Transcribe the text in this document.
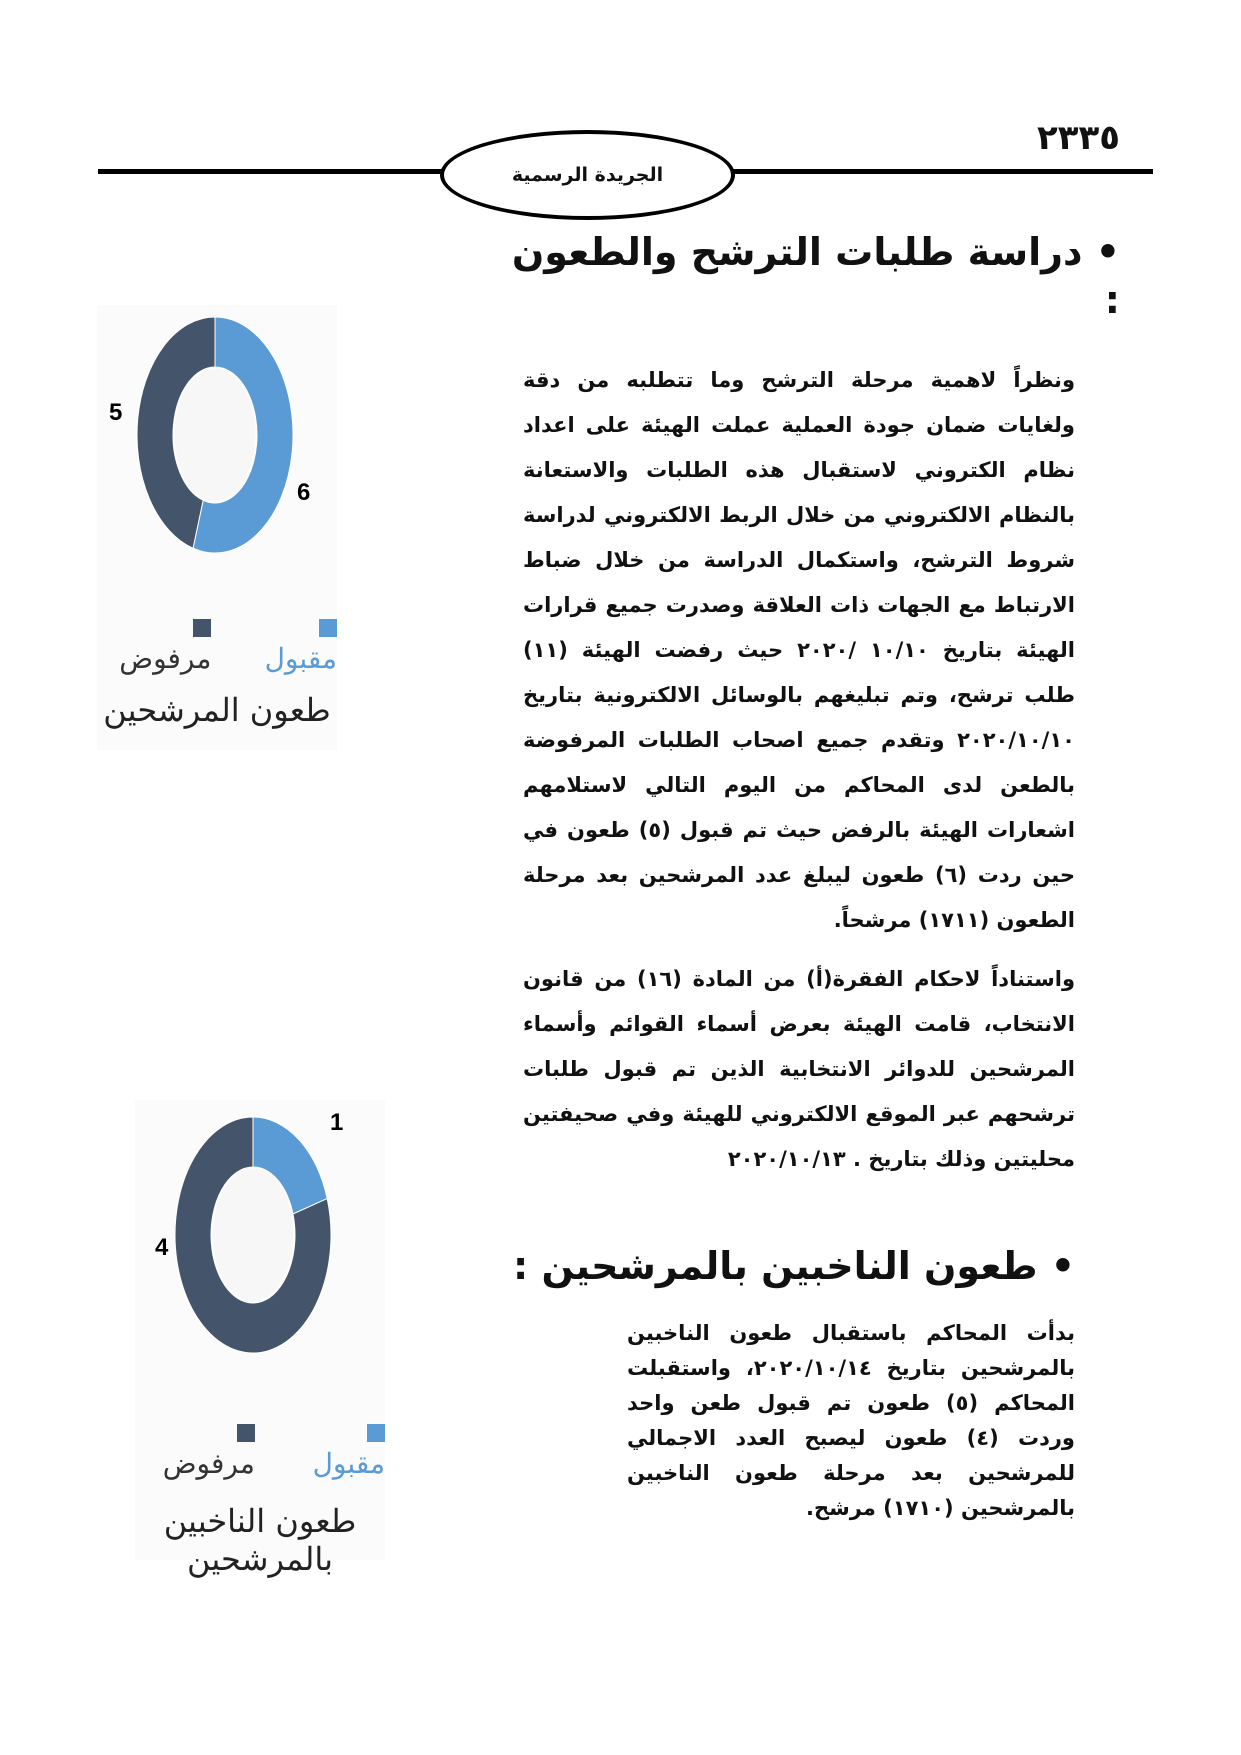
الجريدة الرسمية
٢٣٣٥
• دراسة طلبات الترشح والطعون :
ونظراً لاهمية مرحلة الترشح وما تتطلبه من دقة ولغايات ضمان جودة العملية عملت الهيئة على اعداد نظام الكتروني لاستقبال هذه الطلبات والاستعانة بالنظام الالكتروني من خلال الربط الالكتروني لدراسة شروط الترشح، واستكمال الدراسة من خلال ضباط الارتباط مع الجهات ذات العلاقة وصدرت جميع قرارات الهيئة بتاريخ ١٠/١٠ /٢٠٢٠ حيث رفضت الهيئة (١١) طلب ترشح، وتم تبليغهم بالوسائل الالكترونية بتاريخ ٢٠٢٠/١٠/١٠ وتقدم جميع اصحاب الطلبات المرفوضة بالطعن لدى المحاكم من اليوم التالي لاستلامهم اشعارات الهيئة بالرفض حيث تم قبول (٥) طعون في حين ردت (٦) طعون ليبلغ عدد المرشحين بعد مرحلة الطعون (١٧١١) مرشحاً.
واستناداً لاحكام الفقرة(أ) من المادة (١٦) من قانون الانتخاب، قامت الهيئة بعرض أسماء القوائم وأسماء المرشحين للدوائر الانتخابية الذين تم قبول طلبات ترشحهم عبر الموقع الالكتروني للهيئة وفي صحيفتين محليتين وذلك بتاريخ . ٢٠٢٠/١٠/١٣
• طعون الناخبين بالمرشحين :
بدأت المحاكم باستقبال طعون الناخبين بالمرشحين بتاريخ ٢٠٢٠/١٠/١٤، واستقبلت المحاكم (٥) طعون تم قبول طعن واحد وردت (٤) طعون ليصبح العدد الاجمالي للمرشحين بعد مرحلة طعون الناخبين بالمرشحين (١٧١٠) مرشح.
6
5
مقبول
مرفوض
طعون المرشحين
1
4
مقبول
مرفوض
طعون الناخبين بالمرشحين
